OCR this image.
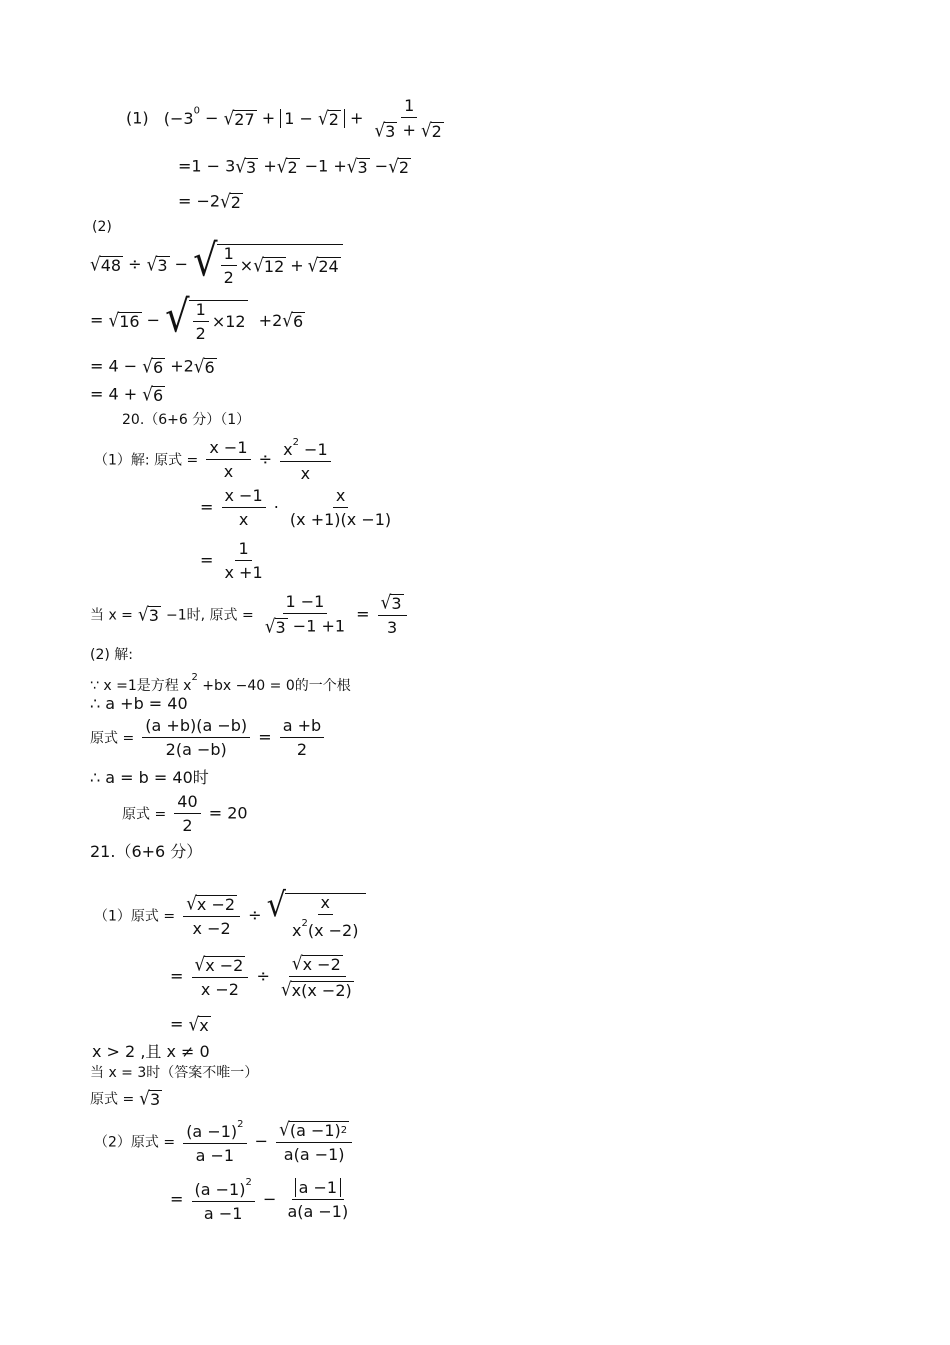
(1) ($-3^0$ − √ 27 + 1 − √ $2 + \frac{1}{√ 3 + √ 2}$
=1 − 3 √ 3 + √ 2 −1 + √ 3 − √ 2
= −2 √ 2
(2)
√ 48 ÷ √ 3 − √ $\frac{1}{2}$ × √ 12 + √ 24
= √ 16 − √ $\frac{1}{2} \times 12 +2$ √ 6
= 4 − √ 6 +2 √ 6
= 4 + √ 6
20.（6+6 分）（1）
（1）解: 原式 = $\frac{x -1}{x} \div \frac{x^2 -1}{x}$
= $\frac{x -1}{x} \cdot \frac{x}{(x +1)(x -1)}$
= $\frac{1}{x +1}$
当 x = √ 3 −1时, 原式 = $\frac{1 -1}{√ 3 -1 +1} = \frac{√ 3}{3}$
(2) 解:
∵ x =1是方程 $x^2 +bx -40 = 0$的一个根
∴ a +b = 40
原式 = $\frac{(a +b)(a -b)}{2(a -b)} = \frac{a +b}{2}$
∴ a = b = 40时
原式 = $\frac{40}{2} = 20$
21.（6+6 分）
（1）原式 = $\frac{√ x -2}{x -2}$ ÷ √ $\frac{x}{x^2(x -2)}$
= $\frac{√ x -2}{x -2} \div \frac{√ x -2}{√ x(x -2)}$
= √ x
x > 2 ,且 x ≠ 0
当 x = 3时（答案不唯一）
原式 = √ 3
（2）原式 = $\frac{(a -1)^2}{a -1} - \frac{√ (a -1) 2}{a(a -1)}$
= $\frac{(a -1)^2}{a -1} - \frac{a -1}{a(a -1)}$
